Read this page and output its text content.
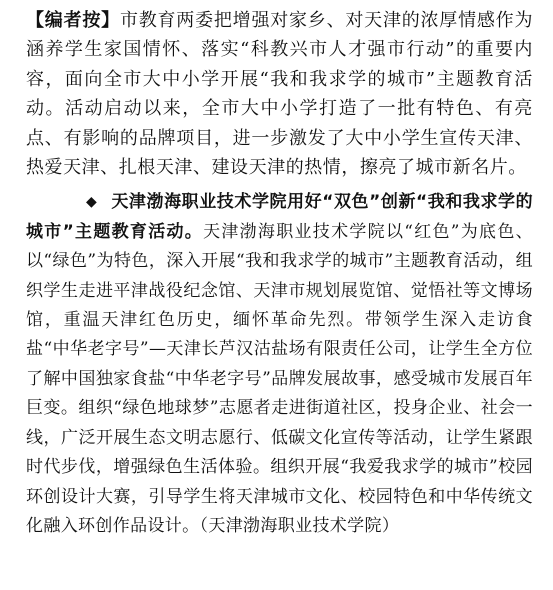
【编者按】市教育两委把增强对家乡、对天津的浓厚情感作为涵养学生家国情怀、落实“科教兴市人才强市行动”的重要内容，面向全市大中小学开展“我和我求学的城市”主题教育活动。活动启动以来，全市大中小学打造了一批有特色、有亮点、有影响的品牌项目，进一步激发了大中小学生宣传天津、热爱天津、扎根天津、建设天津的热情，擦亮了城市新名片。

◆ 天津渤海职业技术学院用好“双色”创新“我和我求学的城市”主题教育活动。天津渤海职业技术学院以“红色”为底色、以“绿色”为特色，深入开展“我和我求学的城市”主题教育活动，组织学生走进平津战役纪念馆、天津市规划展览馆、觉悟社等文博场馆，重温天津红色历史，缅怀革命先烈。带领学生深入走访食盐“中华老字号”—天津长芦汉沽盐场有限责任公司，让学生全方位了解中国独家食盐“中华老字号”品牌发展故事，感受城市发展百年巨变。组织“绿色地球梦”志愿者走进街道社区，投身企业、社会一线，广泛开展生态文明志愿行、低碳文化宣传等活动，让学生紧跟时代步伐，增强绿色生活体验。组织开展“我爱我求学的城市”校园环创设计大赛，引导学生将天津城市文化、校园特色和中华传统文化融入环创作品设计。（天津渤海职业技术学院）
